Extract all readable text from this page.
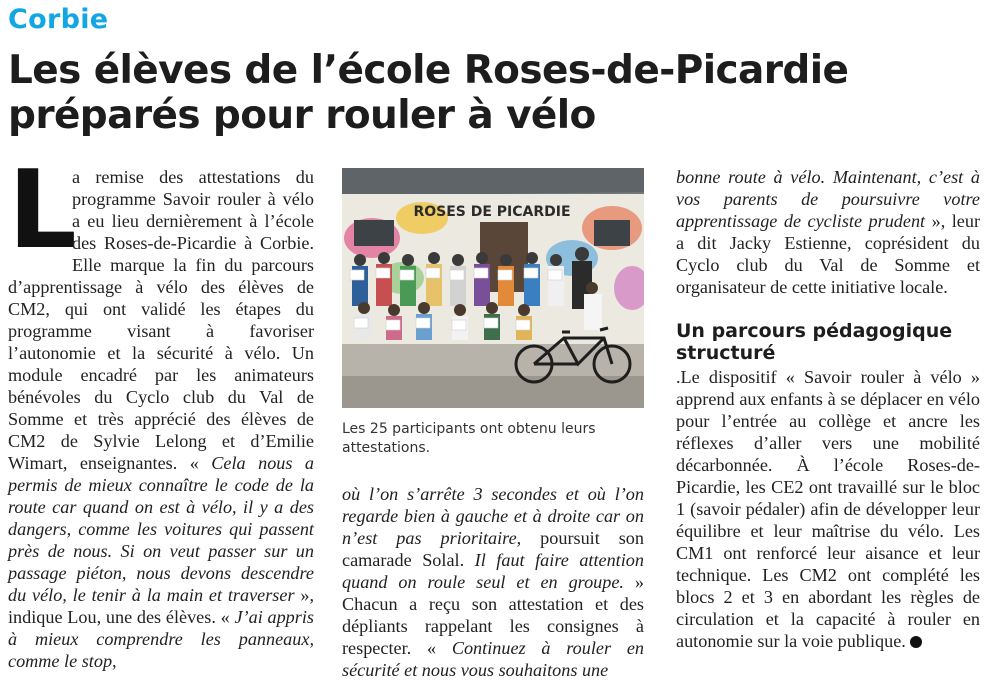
Corbie
Les élèves de l’école Roses-de-Picardie
préparés pour rouler à vélo

L
a remise des attestations du programme Savoir rouler à vélo a eu lieu dernièrement à l’école des Roses-de-Picardie à Corbie. Elle marque la fin du parcours d’apprentissage à vélo des élèves de CM2, qui ont validé les étapes du programme visant à favoriser l’autonomie et la sécurité à vélo. Un module encadré par les animateurs bénévoles du Cyclo club du Val de Somme et très apprécié des élèves de CM2 de Sylvie Lelong et d’Emilie Wimart, enseignantes. « Cela nous a permis de mieux connaître le code de la route car quand on est à vélo, il y a des dangers, comme les voitures qui passent près de nous. Si on veut passer sur un passage piéton, nous devons descendre du vélo, le tenir à la main et traverser », indique Lou, une des élèves. « J’ai appris à mieux comprendre les panneaux, comme le stop,

ROSES DE PICARDIE
Les 25 participants ont obtenu leurs attestations.

où l’on s’arrête 3 secondes et où l’on regarde bien à gauche et à droite car on n’est pas prioritaire, poursuit son camarade Solal. Il faut faire attention quand on roule seul et en groupe. » Chacun a reçu son attestation et des dépliants rappelant les consignes à respecter. « Continuez à rouler en sécurité et nous vous souhaitons une

bonne route à vélo. Maintenant, c’est à vos parents de poursuivre votre apprentissage de cycliste prudent », leur a dit Jacky Estienne, coprésident du Cyclo club du Val de Somme et organisateur de cette initiative locale.

Un parcours pédagogique structuré

.Le dispositif « Savoir rouler à vélo » apprend aux enfants à se déplacer en vélo pour l’entrée au collège et ancre les réflexes d’aller vers une mobilité décarbonnée. À l’école Roses-de-Picardie, les CE2 ont travaillé sur le bloc 1 (savoir pédaler) afin de développer leur équilibre et leur maîtrise du vélo. Les CM1 ont renforcé leur aisance et leur technique. Les CM2 ont complété les blocs 2 et 3 en abordant les règles de circulation et la capacité à rouler en autonomie sur la voie publique.
